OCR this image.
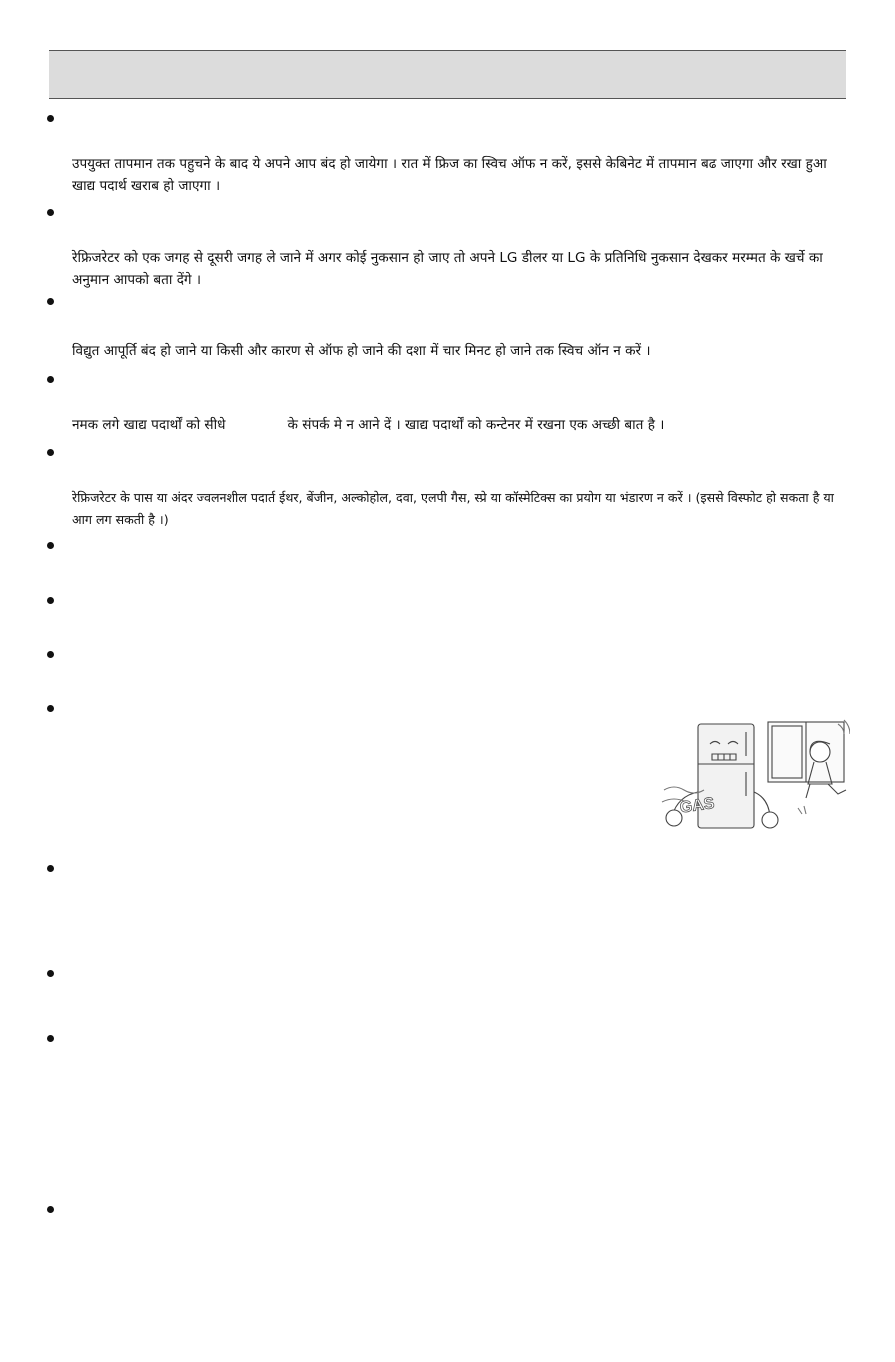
उपयुक्त तापमान तक पहुचने के बाद ये अपने आप बंद हो जायेगा । रात में फ्रिज का स्विच ऑफ न करें, इससे केबिनेट में तापमान बढ जाएगा और रखा हुआ खाद्य पदार्थ खराब हो जाएगा ।
रेफ्रिजरेटर को एक जगह से दूसरी जगह ले जाने में अगर कोई नुकसान हो जाए तो अपने LG डीलर या LG के प्रतिनिधि नुकसान देखकर मरम्मत के खर्चे का अनुमान आपको बता देंगे ।
विद्युत आपूर्ति बंद हो जाने या किसी और कारण से ऑफ हो जाने की दशा में चार मिनट हो जाने तक स्विच ऑन न करें ।
नमक लगे खाद्य पदार्थों को सीधे	के संपर्क मे न आने दें । खाद्य पदार्थों को कन्टेनर में रखना एक अच्छी बात है ।
रेफ्रिजरेटर के पास या अंदर ज्वलनशील पदार्त ईथर, बेंजीन, अल्कोहोल, दवा, एलपी गैस, स्प्रे या कॉस्मेटिक्स का प्रयोग या भंडारण न करें । (इससे विस्फोट हो सकता है या आग लग सकती है ।)
GAS
